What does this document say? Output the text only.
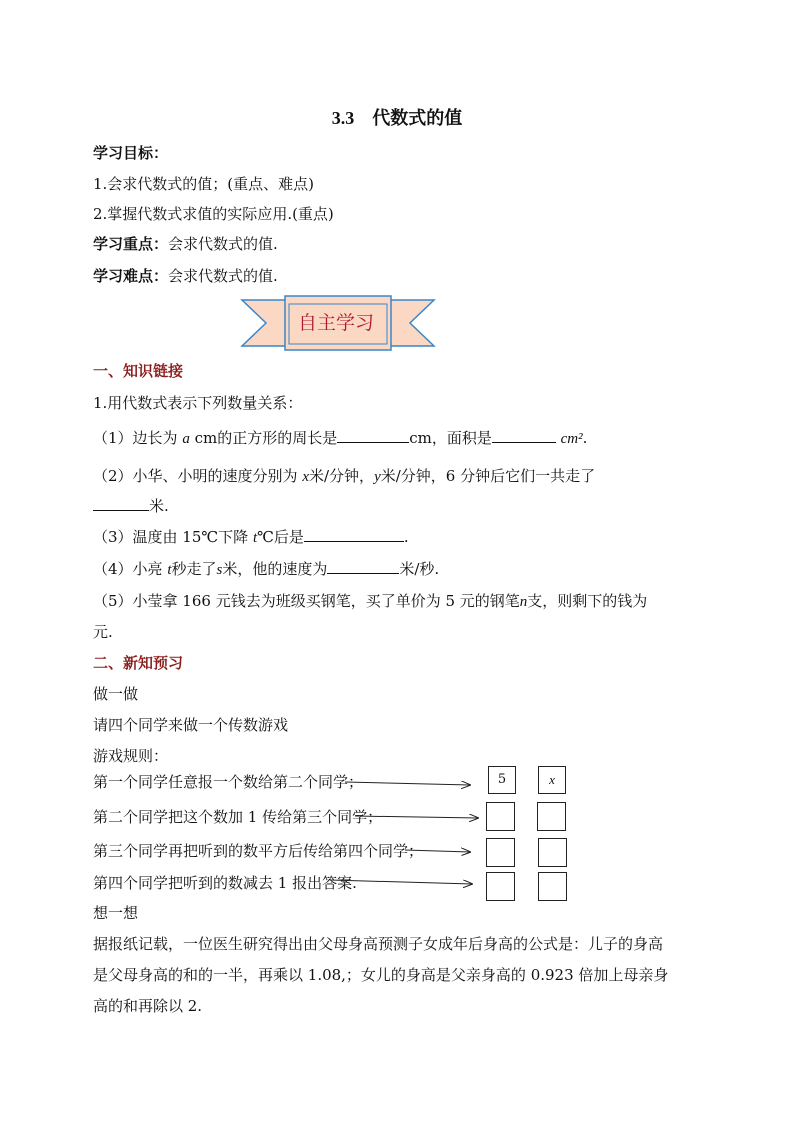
3.3 代数式的值
学习目标：
1.会求代数式的值；(重点、难点)
2.掌握代数式求值的实际应用.(重点)
学习重点：会求代数式的值.
学习难点：会求代数式的值.
自主学习
一、知识链接
1.用代数式表示下列数量关系：
（1）边长为 a cm的正方形的周长是	cm，面积是	cm².
（2）小华、小明的速度分别为 x米/分钟，y米/分钟，6 分钟后它们一共走了
米.
（3）温度由 15℃下降 t℃后是	.
（4）小亮 t秒走了s米，他的速度为	米/秒.
（5）小莹拿 166 元钱去为班级买钢笔，买了单价为 5 元的钢笔n支，则剩下的钱为
元.
二、新知预习
做一做
请四个同学来做一个传数游戏
游戏规则：
第一个同学任意报一个数给第二个同学；
第二个同学把这个数加 1 传给第三个同学；
第三个同学再把听到的数平方后传给第四个同学；
第四个同学把听到的数减去 1 报出答案.
5	x
想一想
据报纸记载，一位医生研究得出由父母身高预测子女成年后身高的公式是：儿子的身高
是父母身高的和的一半，再乘以 1.08,；女儿的身高是父亲身高的 0.923 倍加上母亲身
高的和再除以 2.
